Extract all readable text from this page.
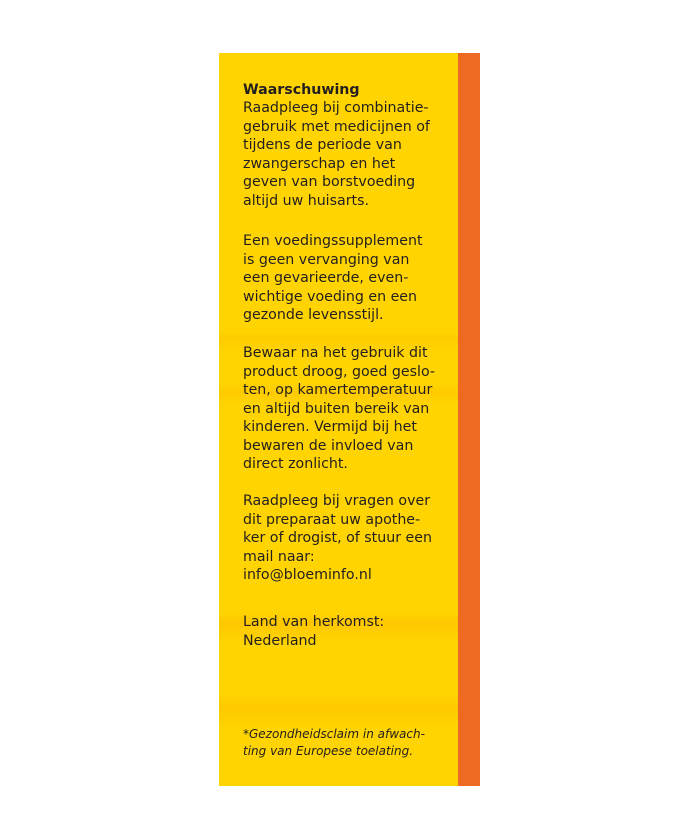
Waarschuwing

Raadpleeg bij combinatie-
gebruik met medicijnen of
tijdens de periode van
zwangerschap en het
geven van borstvoeding
altijd uw huisarts.

Een voedingssupplement
is geen vervanging van
een gevarieerde, even-
wichtige voeding en een
gezonde levensstijl.

Bewaar na het gebruik dit
product droog, goed geslo-
ten, op kamertemperatuur
en altijd buiten bereik van
kinderen. Vermijd bij het
bewaren de invloed van
direct zonlicht.

Raadpleeg bij vragen over
dit preparaat uw apothe-
ker of drogist, of stuur een
mail naar:
info@bloeminfo.nl

Land van herkomst:
Nederland

*Gezondheidsclaim in afwach-
ting van Europese toelating.
